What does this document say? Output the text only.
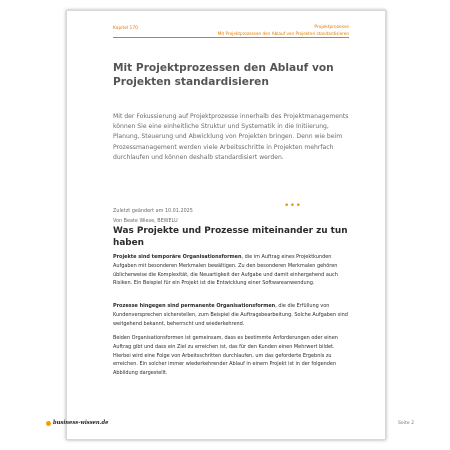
Kapitel 170	Projektprozesse
Mit Projektprozessen den Ablauf von Projekten standardisieren
Mit Projektprozessen den Ablauf von Projekten standardisieren

Mit der Fokussierung auf Projektprozesse innerhalb des Projektmanagements können Sie eine einheitliche Struktur und Systematik in die Initiierung, Planung, Steuerung und Abwicklung von Projekten bringen. Denn wie beim Prozessmanagement werden viele Arbeitsschritte in Projekten mehrfach durchlaufen und können deshalb standardisiert werden.

•••

Zuletzt geändert am 10.01.2025

Von Beate Wiese, BEWELU

Was Projekte und Prozesse miteinander zu tun haben

Projekte sind temporäre Organisationsformen, die im Auftrag eines Projektkunden Aufgaben mit besonderen Merkmalen bewältigen. Zu den besonderen Merkmalen gehören üblicherweise die Komplexität, die Neuartigkeit der Aufgabe und damit einhergehend auch Risiken. Ein Beispiel für ein Projekt ist die Entwicklung einer Softwareanwendung.

Prozesse hingegen sind permanente Organisationsformen, die die Erfüllung von Kundenversprechen sicherstellen, zum Beispiel die Auftragsbearbeitung. Solche Aufgaben sind weitgehend bekannt, beherrscht und wiederkehrend.

Beiden Organisationsformen ist gemeinsam, dass es bestimmte Anforderungen oder einen Auftrag gibt und dass ein Ziel zu erreichen ist, das für den Kunden einen Mehrwert bildet. Hierbei wird eine Folge von Arbeitsschritten durchlaufen, um das geforderte Ergebnis zu erreichen. Ein solcher immer wiederkehrender Ablauf in einem Projekt ist in der folgenden Abbildung dargestellt.

business-wissen.de	Seite 2
